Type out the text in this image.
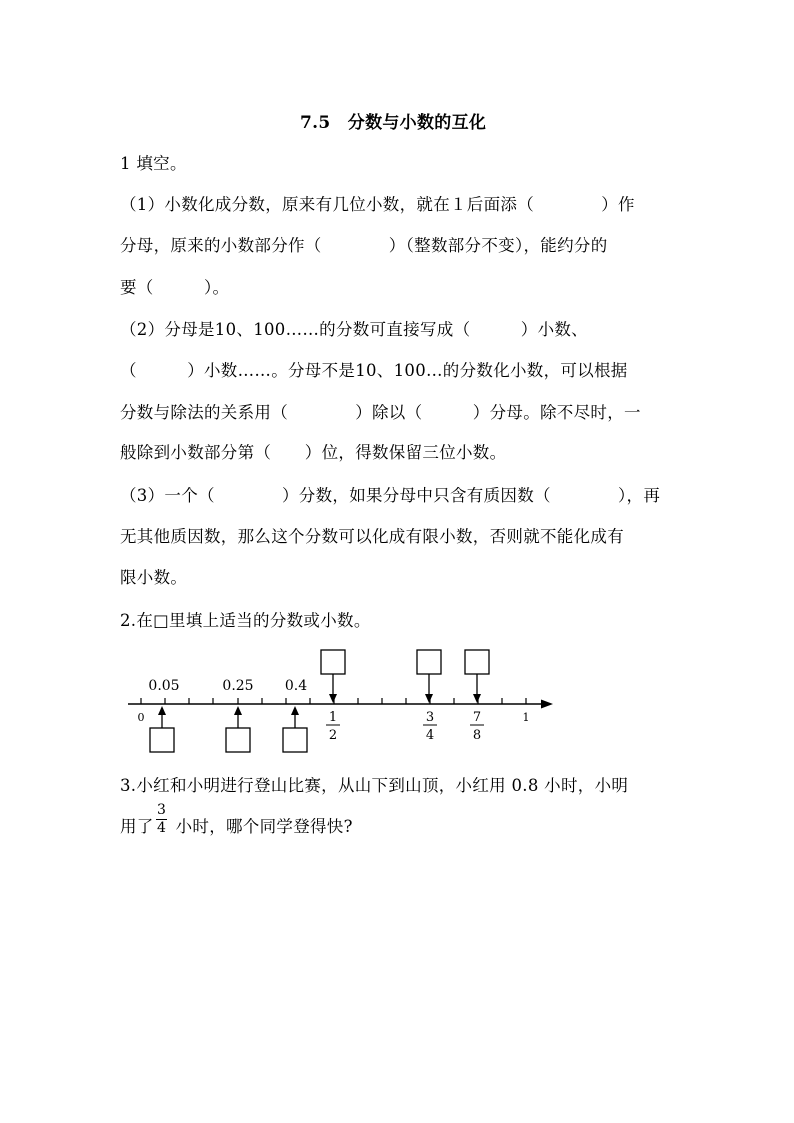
7.5　分数与小数的互化
1 填空。
（1）小数化成分数，原来有几位小数，就在１后面添（　　　　）作
分母，原来的小数部分作（　　　　）（整数部分不变），能约分的
要（　　　）。
（2）分母是10、100……的分数可直接写成（　　　）小数、
（　　　）小数……。分母不是10、100…的分数化小数，可以根据
分数与除法的关系用（　　　　）除以（　　　）分母。除不尽时，一
般除到小数部分第（　　）位，得数保留三位小数。
（3）一个（　　　　）分数，如果分母中只含有质因数（　　　　），再
无其他质因数，那么这个分数可以化成有限小数，否则就不能化成有
限小数。
2.在□里填上适当的分数或小数。
0	1
0.05	0.25 0.4
1
2
3
4
7
8
3.小红和小明进行登山比赛，从山下到山顶，小红用 0.8 小时，小明
用了 小时，哪个同学登得快?
3
4
